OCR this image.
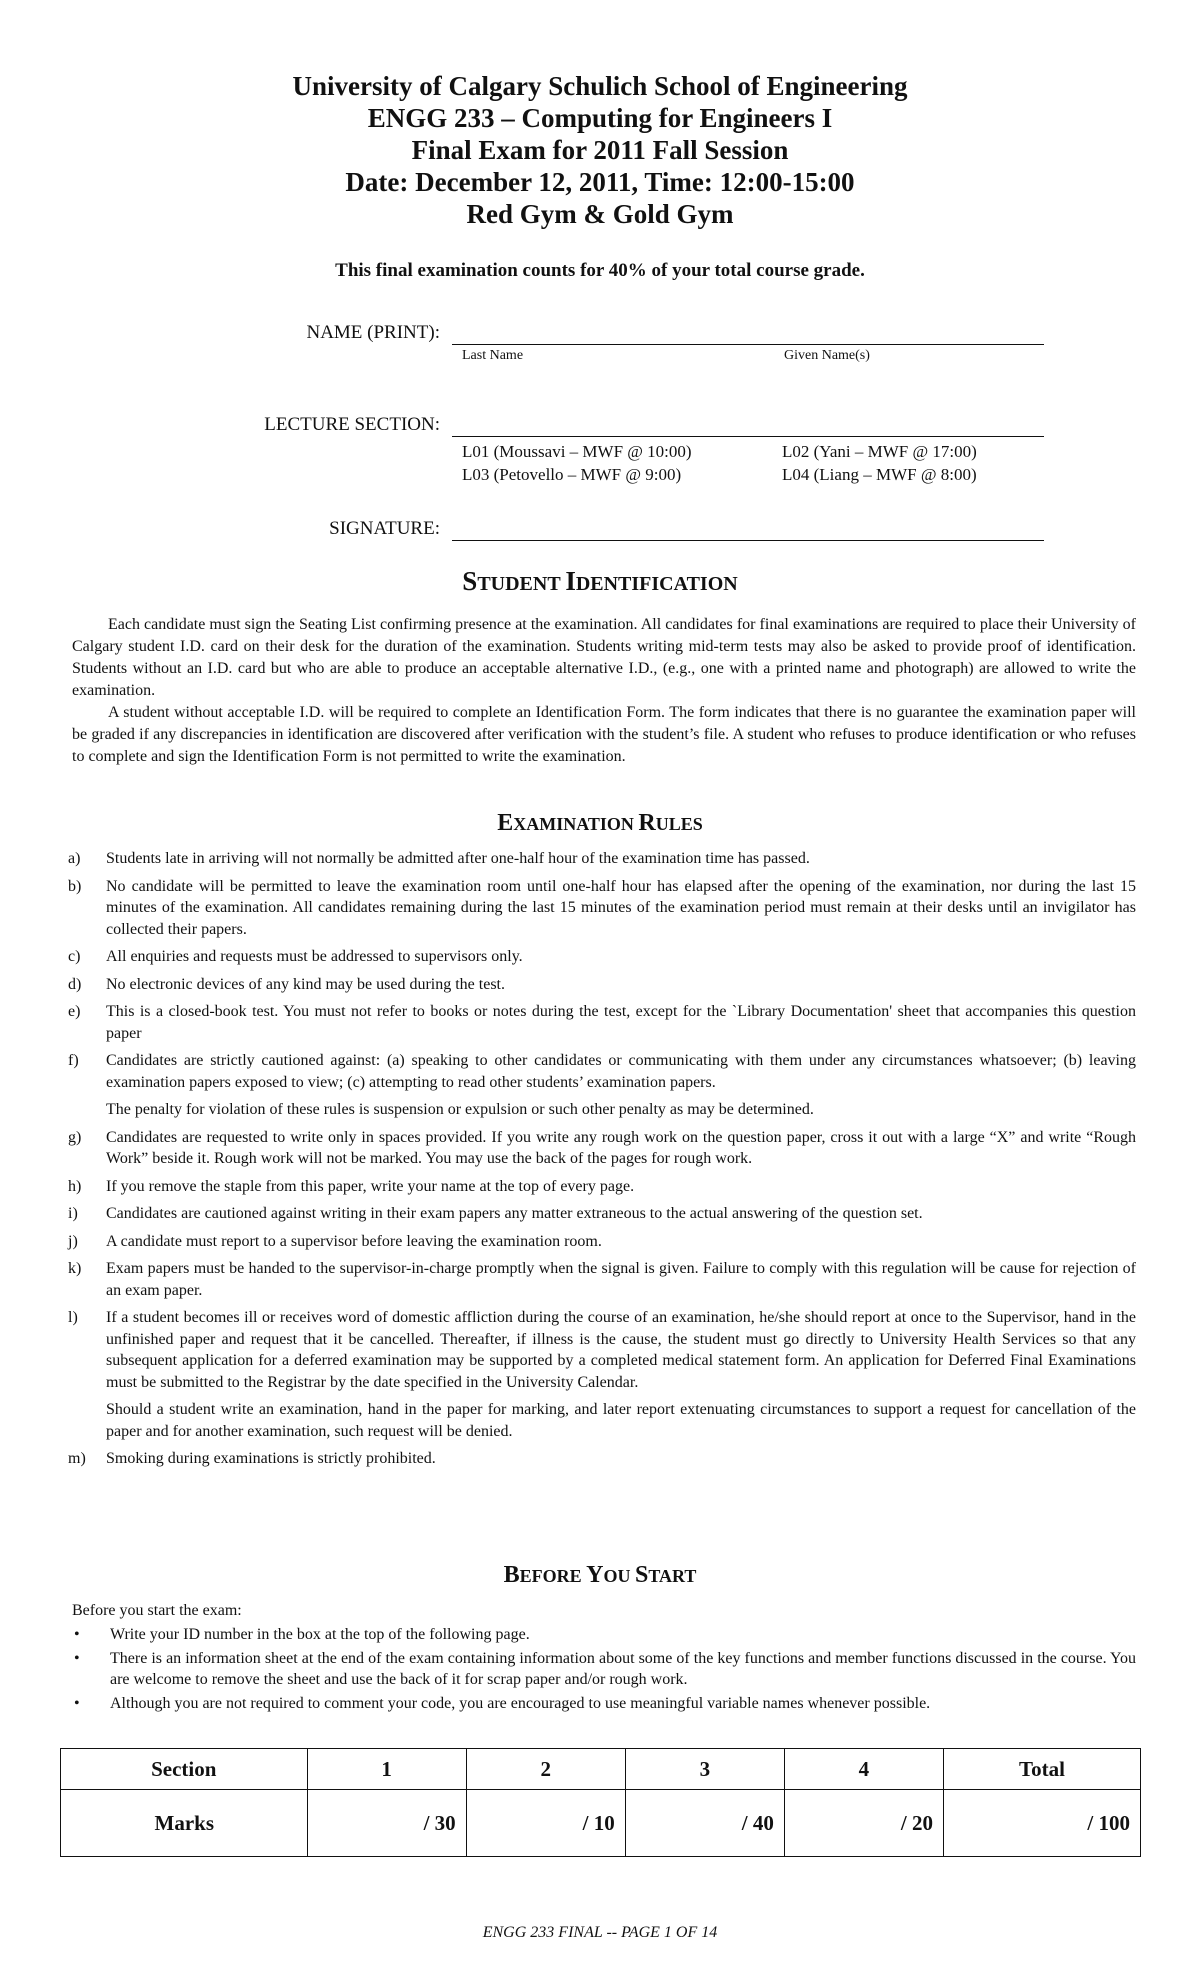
University of Calgary Schulich School of Engineering
ENGG 233 – Computing for Engineers I
Final Exam for 2011 Fall Session
Date: December 12, 2011, Time: 12:00-15:00
Red Gym & Gold Gym
This final examination counts for 40% of your total course grade.
NAME (PRINT):
Last Name	Given Name(s)
LECTURE SECTION:
L01 (Moussavi – MWF @ 10:00)	L02 (Yani – MWF @ 17:00)
L03 (Petovello – MWF @ 9:00)	L04 (Liang – MWF @ 8:00)
SIGNATURE:
STUDENT IDENTIFICATION

Each candidate must sign the Seating List confirming presence at the examination. All candidates for final examinations are required to place their University of Calgary student I.D. card on their desk for the duration of the examination. Students writing mid-term tests may also be asked to provide proof of identification. Students without an I.D. card but who are able to produce an acceptable alternative I.D., (e.g., one with a printed name and photograph) are allowed to write the examination.

A student without acceptable I.D. will be required to complete an Identification Form. The form indicates that there is no guarantee the examination paper will be graded if any discrepancies in identification are discovered after verification with the student’s file. A student who refuses to produce identification or who refuses to complete and sign the Identification Form is not permitted to write the examination.

EXAMINATION RULES
a)	Students late in arriving will not normally be admitted after one-half hour of the examination time has passed.

b)	No candidate will be permitted to leave the examination room until one-half hour has elapsed after the opening of the examination, nor during the last 15 minutes of the examination. All candidates remaining during the last 15 minutes of the examination period must remain at their desks until an invigilator has collected their papers.

c)	All enquiries and requests must be addressed to supervisors only.

d)	No electronic devices of any kind may be used during the test.

e)	This is a closed-book test. You must not refer to books or notes during the test, except for the `Library Documentation' sheet that accompanies this question paper

f)	Candidates are strictly cautioned against: (a) speaking to other candidates or communicating with them under any circumstances whatsoever; (b) leaving examination papers exposed to view; (c) attempting to read other students’ examination papers.

The penalty for violation of these rules is suspension or expulsion or such other penalty as may be determined.

g)	Candidates are requested to write only in spaces provided. If you write any rough work on the question paper, cross it out with a large “X” and write “Rough Work” beside it. Rough work will not be marked. You may use the back of the pages for rough work.

h)	If you remove the staple from this paper, write your name at the top of every page.

i)	Candidates are cautioned against writing in their exam papers any matter extraneous to the actual answering of the question set.

j)	A candidate must report to a supervisor before leaving the examination room.

k)	Exam papers must be handed to the supervisor-in-charge promptly when the signal is given. Failure to comply with this regulation will be cause for rejection of an exam paper.

l)	If a student becomes ill or receives word of domestic affliction during the course of an examination, he/she should report at once to the Supervisor, hand in the unfinished paper and request that it be cancelled. Thereafter, if illness is the cause, the student must go directly to University Health Services so that any subsequent application for a deferred examination may be supported by a completed medical statement form. An application for Deferred Final Examinations must be submitted to the Registrar by the date specified in the University Calendar.

Should a student write an examination, hand in the paper for marking, and later report extenuating circumstances to support a request for cancellation of the paper and for another examination, such request will be denied.

m)	Smoking during examinations is strictly prohibited.

BEFORE YOU START
Before you start the exam:
•	Write your ID number in the box at the top of the following page.
•	There is an information sheet at the end of the exam containing information about some of the key functions and member functions discussed in the course. You are welcome to remove the sheet and use the back of it for scrap paper and/or rough work.
•	Although you are not required to comment your code, you are encouraged to use meaningful variable names whenever possible.
Section	1	2	3	4	Total
Marks	/ 30	/ 10	/ 40	/ 20	/ 100
ENGG 233 FINAL -- PAGE 1 OF 14
